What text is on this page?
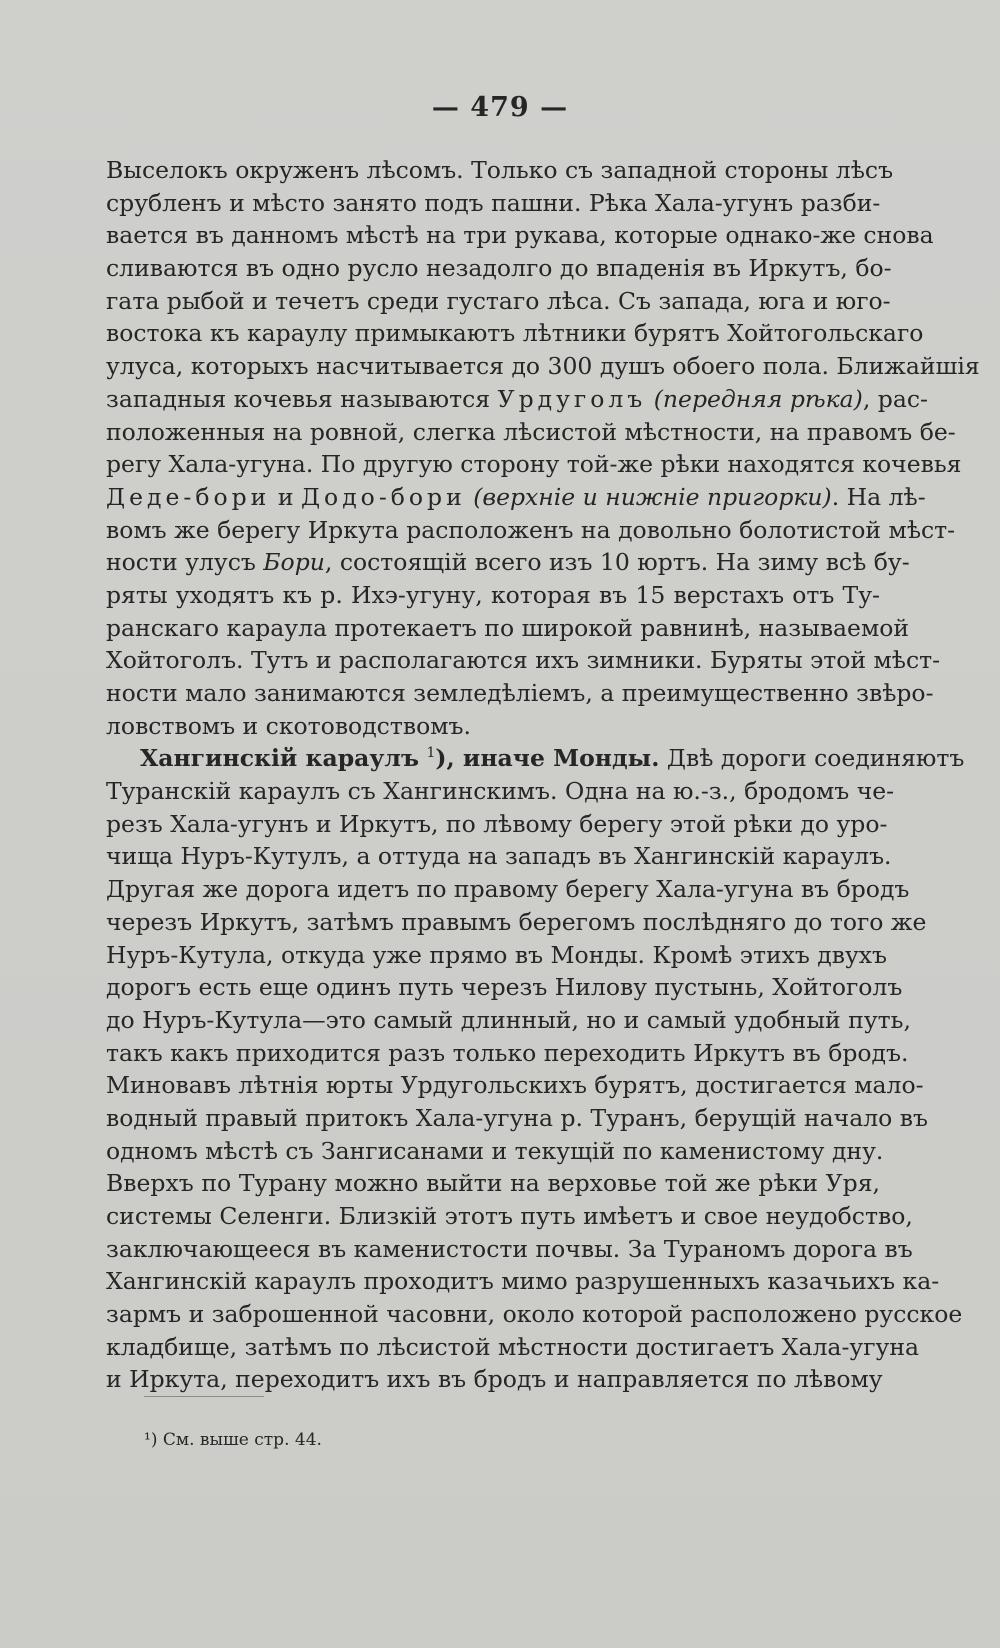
— 479 —
Выселокъ окруженъ лѣсомъ. Только съ западной стороны лѣсъ
срубленъ и мѣсто занято подъ пашни. Рѣка Хала-угунъ разби-
вается въ данномъ мѣстѣ на три рукава, которые однако-же снова
сливаются въ одно русло незадолго до впаденія въ Иркутъ, бо-
гата рыбой и течетъ среди густаго лѣса. Съ запада, юга и юго-
востока къ караулу примыкаютъ лѣтники бурятъ Хойтогольскаго
улуса, которыхъ насчитывается до 300 душъ обоего пола. Ближайшія
западныя кочевья называются Урдуголъ (передняя рѣка), рас-
положенныя на ровной, слегка лѣсистой мѣстности, на правомъ бе-
регу Хала-угуна. По другую сторону той-же рѣки находятся кочевья
Деде-бори и Додо-бори (верхніе и нижніе пригорки). На лѣ-
вомъ же берегу Иркута расположенъ на довольно болотистой мѣст-
ности улусъ Бори, состоящій всего изъ 10 юртъ. На зиму всѣ бу-
ряты уходятъ къ р. Ихэ-угуну, которая въ 15 верстахъ отъ Ту-
ранскаго караула протекаетъ по широкой равнинѣ, называемой
Хойтоголъ. Тутъ и располагаются ихъ зимники. Буряты этой мѣст-
ности мало занимаются земледѣліемъ, а преимущественно звѣро-
ловствомъ и скотоводствомъ.
Хангинскій караулъ $^1$), иначе Монды. Двѣ дороги соединяютъ
Туранскій караулъ съ Хангинскимъ. Одна на ю.-з., бродомъ че-
резъ Хала-угунъ и Иркутъ, по лѣвому берегу этой рѣки до уро-
чища Нуръ-Кутулъ, а оттуда на западъ въ Хангинскій караулъ.
Другая же дорога идетъ по правому берегу Хала-угуна въ бродъ
черезъ Иркутъ, затѣмъ правымъ берегомъ послѣдняго до того же
Нуръ-Кутула, откуда уже прямо въ Монды. Кромѣ этихъ двухъ
дорогъ есть еще одинъ путь черезъ Нилову пустынь, Хойтоголъ
до Нуръ-Кутула—это самый длинный, но и самый удобный путь,
такъ какъ приходится разъ только переходить Иркутъ въ бродъ.
Миновавъ лѣтнія юрты Урдугольскихъ бурятъ, достигается мало-
водный правый притокъ Хала-угуна р. Туранъ, берущій начало въ
одномъ мѣстѣ съ Зангисанами и текущій по каменистому дну.
Вверхъ по Турану можно выйти на верховье той же рѣки Уря,
системы Селенги. Близкій этотъ путь имѣетъ и свое неудобство,
заключающееся въ каменистости почвы. За Тураномъ дорога въ
Хангинскій караулъ проходитъ мимо разрушенныхъ казачьихъ ка-
зармъ и заброшенной часовни, около которой расположено русское
кладбище, затѣмъ по лѣсистой мѣстности достигаетъ Хала-угуна
и Иркута, переходитъ ихъ въ бродъ и направляется по лѣвому
¹) См. выше стр. 44.
